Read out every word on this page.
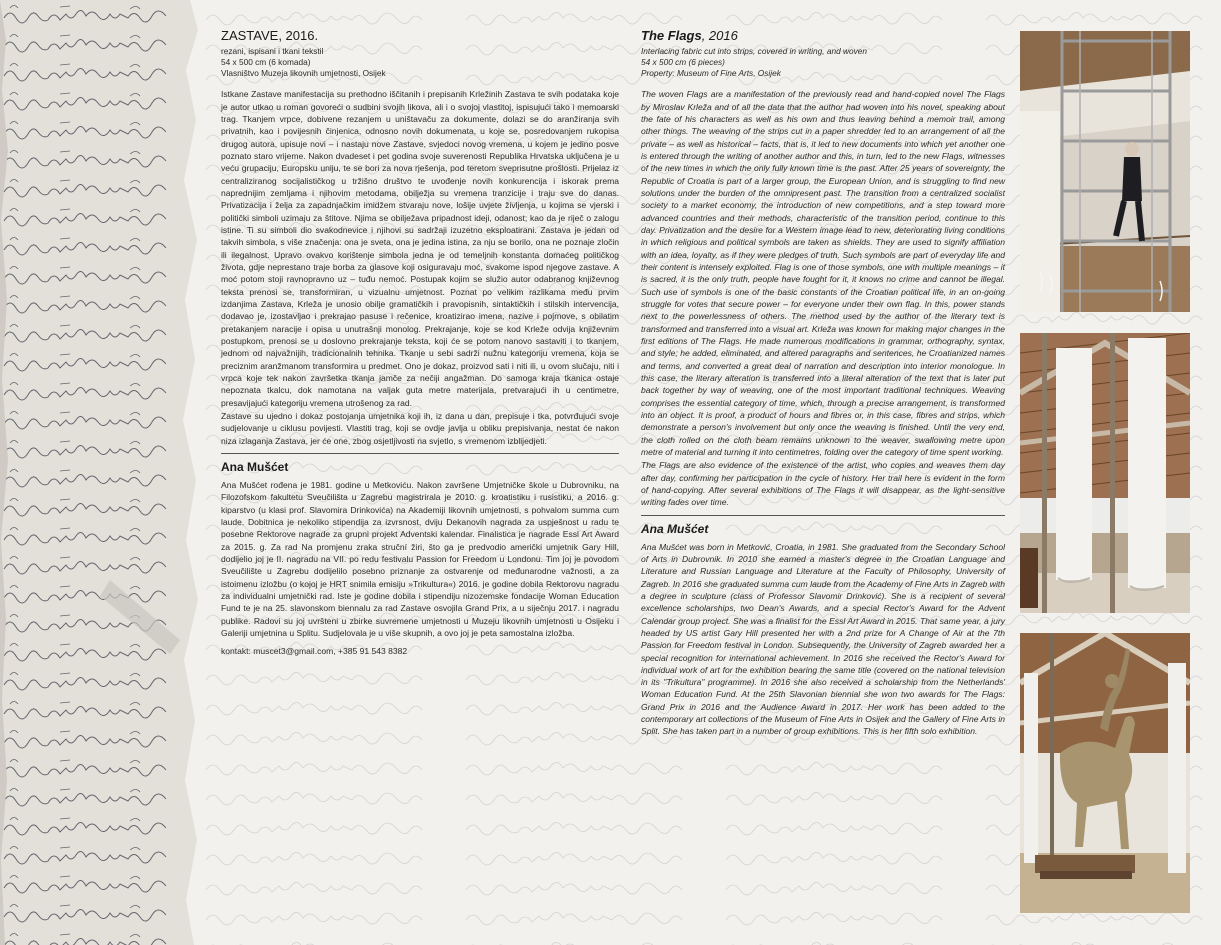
ZASTAVE, 2016.
rezani, ispisani i tkani tekstil
54 x 500 cm (6 komada)
Vlasništvo Muzeja likovnih umjetnosti, Osijek

Istkane Zastave manifestacija su prethodno iščitanih i prepisanih Krležinih Zastava te svih podataka koje je autor utkao u roman govoreći o sudbini svojih likova, ali i o svojoj vlastitoj, ispisujući tako i memoarski trag. Tkanjem vrpce, dobivene rezanjem u uništavaču za dokumente, dolazi se do aranžiranja svih privatnih, kao i povijesnih činjenica, odnosno novih dokumenata, u koje se, posredovanjem rukopisa drugog autora, upisuje novi – i nastaju nove Zastave, svjedoci novog vremena, u kojem je jedino posve poznato staro vrijeme. Nakon dvadeset i pet godina svoje suverenosti Republika Hrvatska uključena je u veću grupaciju, Europsku uniju, te se bori za nova rješenja, pod teretom sveprisutne prošlosti. Prijelaz iz centraliziranog socijalističkog u tržišno društvo te uvođenje novih konkurencija i iskorak prema naprednijim zemljama i njihovim metodama, obilježja su vremena tranzicije i traju sve do danas. Privatizacija i želja za zapadnjačkim imidžem stvaraju nove, lošije uvjete življenja, u kojima se vjerski i politički simboli uzimaju za štitove. Njima se obilježava pripadnost ideji, odanost; kao da je riječ o zalogu istine. Ti su simboli dio svakodnevice i njihovi su sadržaji izuzetno eksploatirani. Zastava je jedan od takvih simbola, s više značenja: ona je sveta, ona je jedina istina, za nju se borilo, ona ne poznaje zločin ili ilegalnost. Upravo ovakvo korištenje simbola jedna je od temeljnih konstanta domaćeg političkog života, gdje neprestano traje borba za glasove koji osiguravaju moć, svakome ispod njegove zastave. A moć potom stoji ravnopravno uz – tuđu nemoć. Postupak kojim se služio autor odabranog književnog teksta prenosi se, transformiran, u vizualnu umjetnost. Poznat po velikim razlikama među prvim izdanjima Zastava, Krleža je unosio obilje gramatičkih i pravopisnih, sintaktičkih i stilskih intervencija, dodavao je, izostavljao i prekrajao pasuse i rečenice, kroatizirao imena, nazive i pojmove, s obilatim pretakanjem naracije i opisa u unutrašnji monolog. Prekrajanje, koje se kod Krleže odvija književnim postupkom, prenosi se u doslovno prekrajanje teksta, koji će se potom nanovo sastaviti i to tkanjem, jednom od najvažnijih, tradicionalnih tehnika. Tkanje u sebi sadrži nužnu kategoriju vremena, koja se preciznim aranžmanom transformira u predmet. Ono je dokaz, proizvod sati i niti ili, u ovom slučaju, niti i vrpca koje tek nakon završetka tkanja jamče za nečiji angažman. Do samoga kraja tkanica ostaje nepoznata tkalcu, dok namotana na valjak guta metre materijala, pretvarajući ih u centimetre, presavijajući kategoriju vremena utrošenog za rad.

Zastave su ujedno i dokaz postojanja umjetnika koji ih, iz dana u dan, prepisuje i tka, potvrđujući svoje sudjelovanje u ciklusu povijesti. Vlastiti trag, koji se ovdje javlja u obliku prepisivanja, nestat će nakon niza izlaganja Zastava, jer će one, zbog osjetljivosti na svjetlo, s vremenom izblijedjeti.

Ana Mušćet

Ana Mušćet rođena je 1981. godine u Metkoviću. Nakon završene Umjetničke škole u Dubrovniku, na Filozofskom fakultetu Sveučilišta u Zagrebu magistrirala je 2010. g. kroatistiku i rusistiku, a 2016. g. kiparstvo (u klasi prof. Slavomira Drinkovića) na Akademiji likovnih umjetnosti, s pohvalom summa cum laude. Dobitnica je nekoliko stipendija za izvrsnost, dviju Dekanovih nagrada za uspješnost u radu te posebne Rektorove nagrade za grupni projekt Adventski kalendar. Finalistica je nagrade Essl Art Award za 2015. g. Za rad Na promjenu zraka struční žiri, što ga je predvodio američki umjetnik Gary Hill, dodijelio joj je II. nagradu na VII. po redu festivalu Passion for Freedom u Londonu. Tim joj je povodom Sveučilište u Zagrebu dodijelilo posebno priznanje za ostvarenje od međunarodne važnosti, a za istoimenu izložbu (o kojoj je HRT snimila emisiju »Trikultura«) 2016. je godine dobila Rektorovu nagradu za individualni umjetnički rad. Iste je godine dobila i stipendiju nizozemske fondacije Woman Education Fund te je na 25. slavonskom biennalu za rad Zastave osvojila Grand Prix, a u siječnju 2017. i nagradu publike. Radovi su joj uvršteni u zbirke suvremene umjetnosti u Muzeju likovnih umjetnosti u Osijeku i Galeriji umjetnina u Splitu. Sudjelovala je u više skupnih, a ovo joj je peta samostalna izložba.

kontakt: muscet3@gmail.com, +385 91 543 8382
The Flags, 2016
Interlacing fabric cut into strips, covered in writing, and woven
54 x 500 cm (6 pieces)
Property: Museum of Fine Arts, Osijek

The woven Flags are a manifestation of the previously read and hand-copied novel The Flags by Miroslav Krleža and of all the data that the author had woven into his novel, speaking about the fate of his characters as well as his own and thus leaving behind a memoir trail, among other things. The weaving of the strips cut in a paper shredder led to an arrangement of all the private – as well as historical – facts, that is, it led to new documents into which yet another one is entered through the writing of another author and this, in turn, led to the new Flags, witnesses of the new times in which the only fully known time is the past. After 25 years of sovereignty, the Republic of Croatia is part of a larger group, the European Union, and is struggling to find new solutions under the burden of the omnipresent past. The transition from a centralized socialist society to a market economy, the introduction of new competitions, and a step toward more advanced countries and their methods, characteristic of the transition period, continue to this day. Privatization and the desire for a Western image lead to new, deteriorating living conditions in which religious and political symbols are taken as shields. They are used to signify affiliation with an idea, loyalty, as if they were pledges of truth. Such symbols are part of everyday life and their content is intensely exploited. Flag is one of those symbols, one with multiple meanings – it is sacred, it is the only truth, people have fought for it, it knows no crime and cannot be illegal. Such use of symbols is one of the basic constants of the Croatian political life, in an on-going struggle for votes that secure power – for everyone under their own flag. In this, power stands next to the powerlessness of others. The method used by the author of the literary text is transformed and transferred into a visual art. Krleža was known for making major changes in the first editions of The Flags. He made numerous modifications in grammar, orthography, syntax, and style; he added, eliminated, and altered paragraphs and sentences, he Croatianized names and terms, and converted a great deal of narration and description into interior monologue. In this case, the literary alteration is transferred into a literal alteration of the text that is later put back together by way of weaving, one of the most important traditional techniques. Weaving comprises the essential category of time, which, through a precise arrangement, is transformed into an object. It is proof, a product of hours and fibres or, in this case, fibres and strips, which demonstrate a person's involvement but only once the weaving is finished. Until the very end, the cloth rolled on the cloth beam remains unknown to the weaver, swallowing metre upon metre of material and turning it into centimetres, folding over the category of time spent working.

The Flags are also evidence of the existence of the artist, who copies and weaves them day after day, confirming her participation in the cycle of history. Her trail here is evident in the form of hand-copying. After several exhibitions of The Flags it will disappear, as the light-sensitive writing fades over time.

Ana Mušćet

Ana Mušćet was born in Metković, Croatia, in 1981. She graduated from the Secondary School of Arts in Dubrovnik. In 2010 she earned a master's degree in the Croatian Language and Literature and Russian Language and Literature at the Faculty of Philosophy, University of Zagreb. In 2016 she graduated summa cum laude from the Academy of Fine Arts in Zagreb with a degree in sculpture (class of Professor Slavomir Drinković). She is a recipient of several excellence scholarships, two Dean's Awards, and a special Rector's Award for the Advent Calendar group project. She was a finalist for the Essl Art Award in 2015. That same year, a jury headed by US artist Gary Hill presented her with a 2nd prize for A Change of Air at the 7th Passion for Freedom festival in London. Subsequently, the University of Zagreb awarded her a special recognition for international achievement. In 2016 she received the Rector's Award for individual work of art for the exhibition bearing the same title (covered on the national television in its "Trikultura" programme). In 2016 she also received a scholarship from the Netherlands' Woman Education Fund. At the 25th Slavonian biennial she won two awards for The Flags: Grand Prix in 2016 and the Audience Award in 2017. Her work has been added to the contemporary art collections of the Museum of Fine Arts in Osijek and the Gallery of Fine Arts in Split. She has taken part in a number of group exhibitions. This is her fifth solo exhibition.
